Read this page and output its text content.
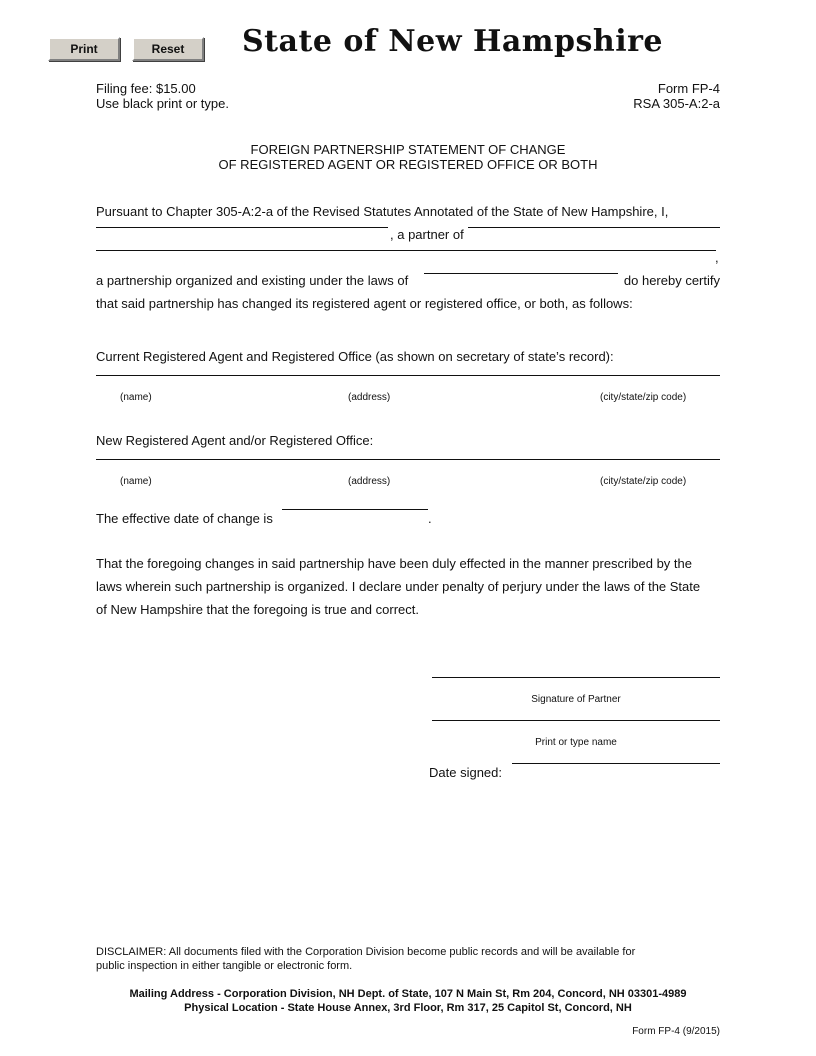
Print	Reset	State of New Hampshire
Filing fee: $15.00
Use black print or type.
Form FP-4
RSA 305-A:2-a
FOREIGN PARTNERSHIP STATEMENT OF CHANGE
OF REGISTERED AGENT OR REGISTERED OFFICE OR BOTH
Pursuant to Chapter 305-A:2-a of the Revised Statutes Annotated of the State of New Hampshire, I,
, a partner of
,
a partnership organized and existing under the laws of	do hereby certify
that said partnership has changed its registered agent or registered office, or both, as follows:
Current Registered Agent and Registered Office (as shown on secretary of state’s record):
(name)	(address)	(city/state/zip code)
New Registered Agent and/or Registered Office:
(name)	(address)	(city/state/zip code)
The effective date of change is	.
That the foregoing changes in said partnership have been duly effected in the manner prescribed by the
laws wherein such partnership is organized. I declare under penalty of perjury under the laws of the State
of New Hampshire that the foregoing is true and correct.
Signature of Partner
Print or type name
Date signed:
DISCLAIMER: All documents filed with the Corporation Division become public records and will be available for
public inspection in either tangible or electronic form.
Mailing Address - Corporation Division, NH Dept. of State, 107 N Main St, Rm 204, Concord, NH 03301-4989
Physical Location - State House Annex, 3rd Floor, Rm 317, 25 Capitol St, Concord, NH
Form FP-4 (9/2015)
